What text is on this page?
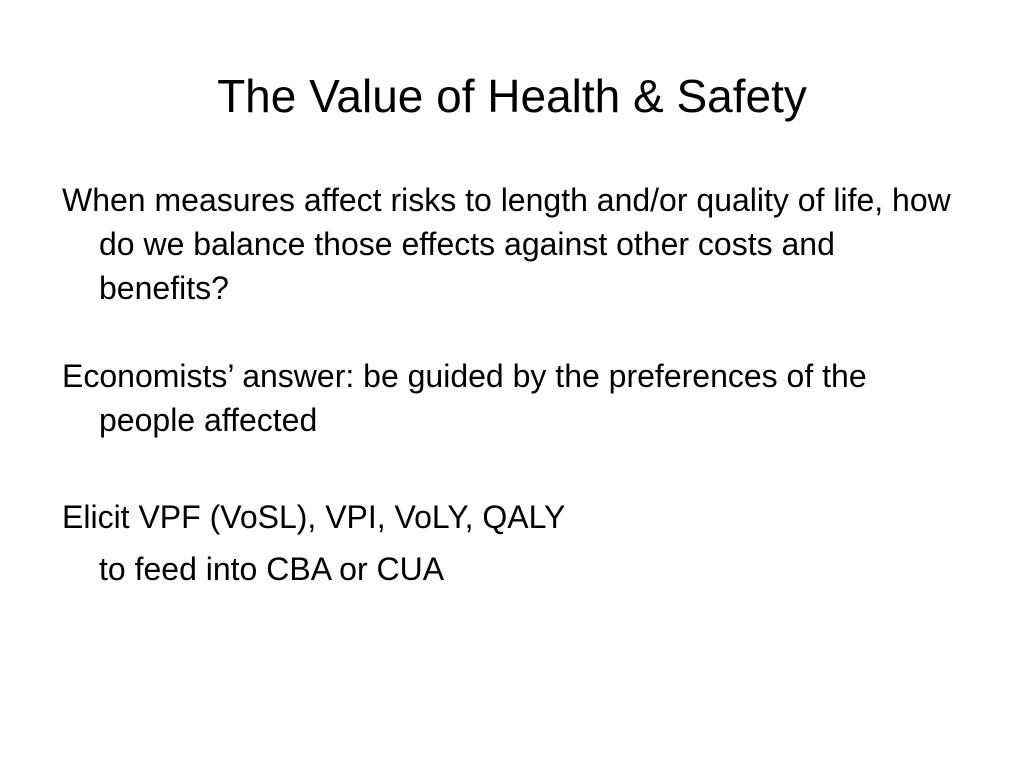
The Value of Health & Safety

When measures affect risks to length and/or quality of life, how do we balance those effects against other costs and benefits?

Economists’ answer: be guided by the preferences of the people affected

Elicit VPF (VoSL), VPI, VoLY, QALY

to feed into CBA or CUA
